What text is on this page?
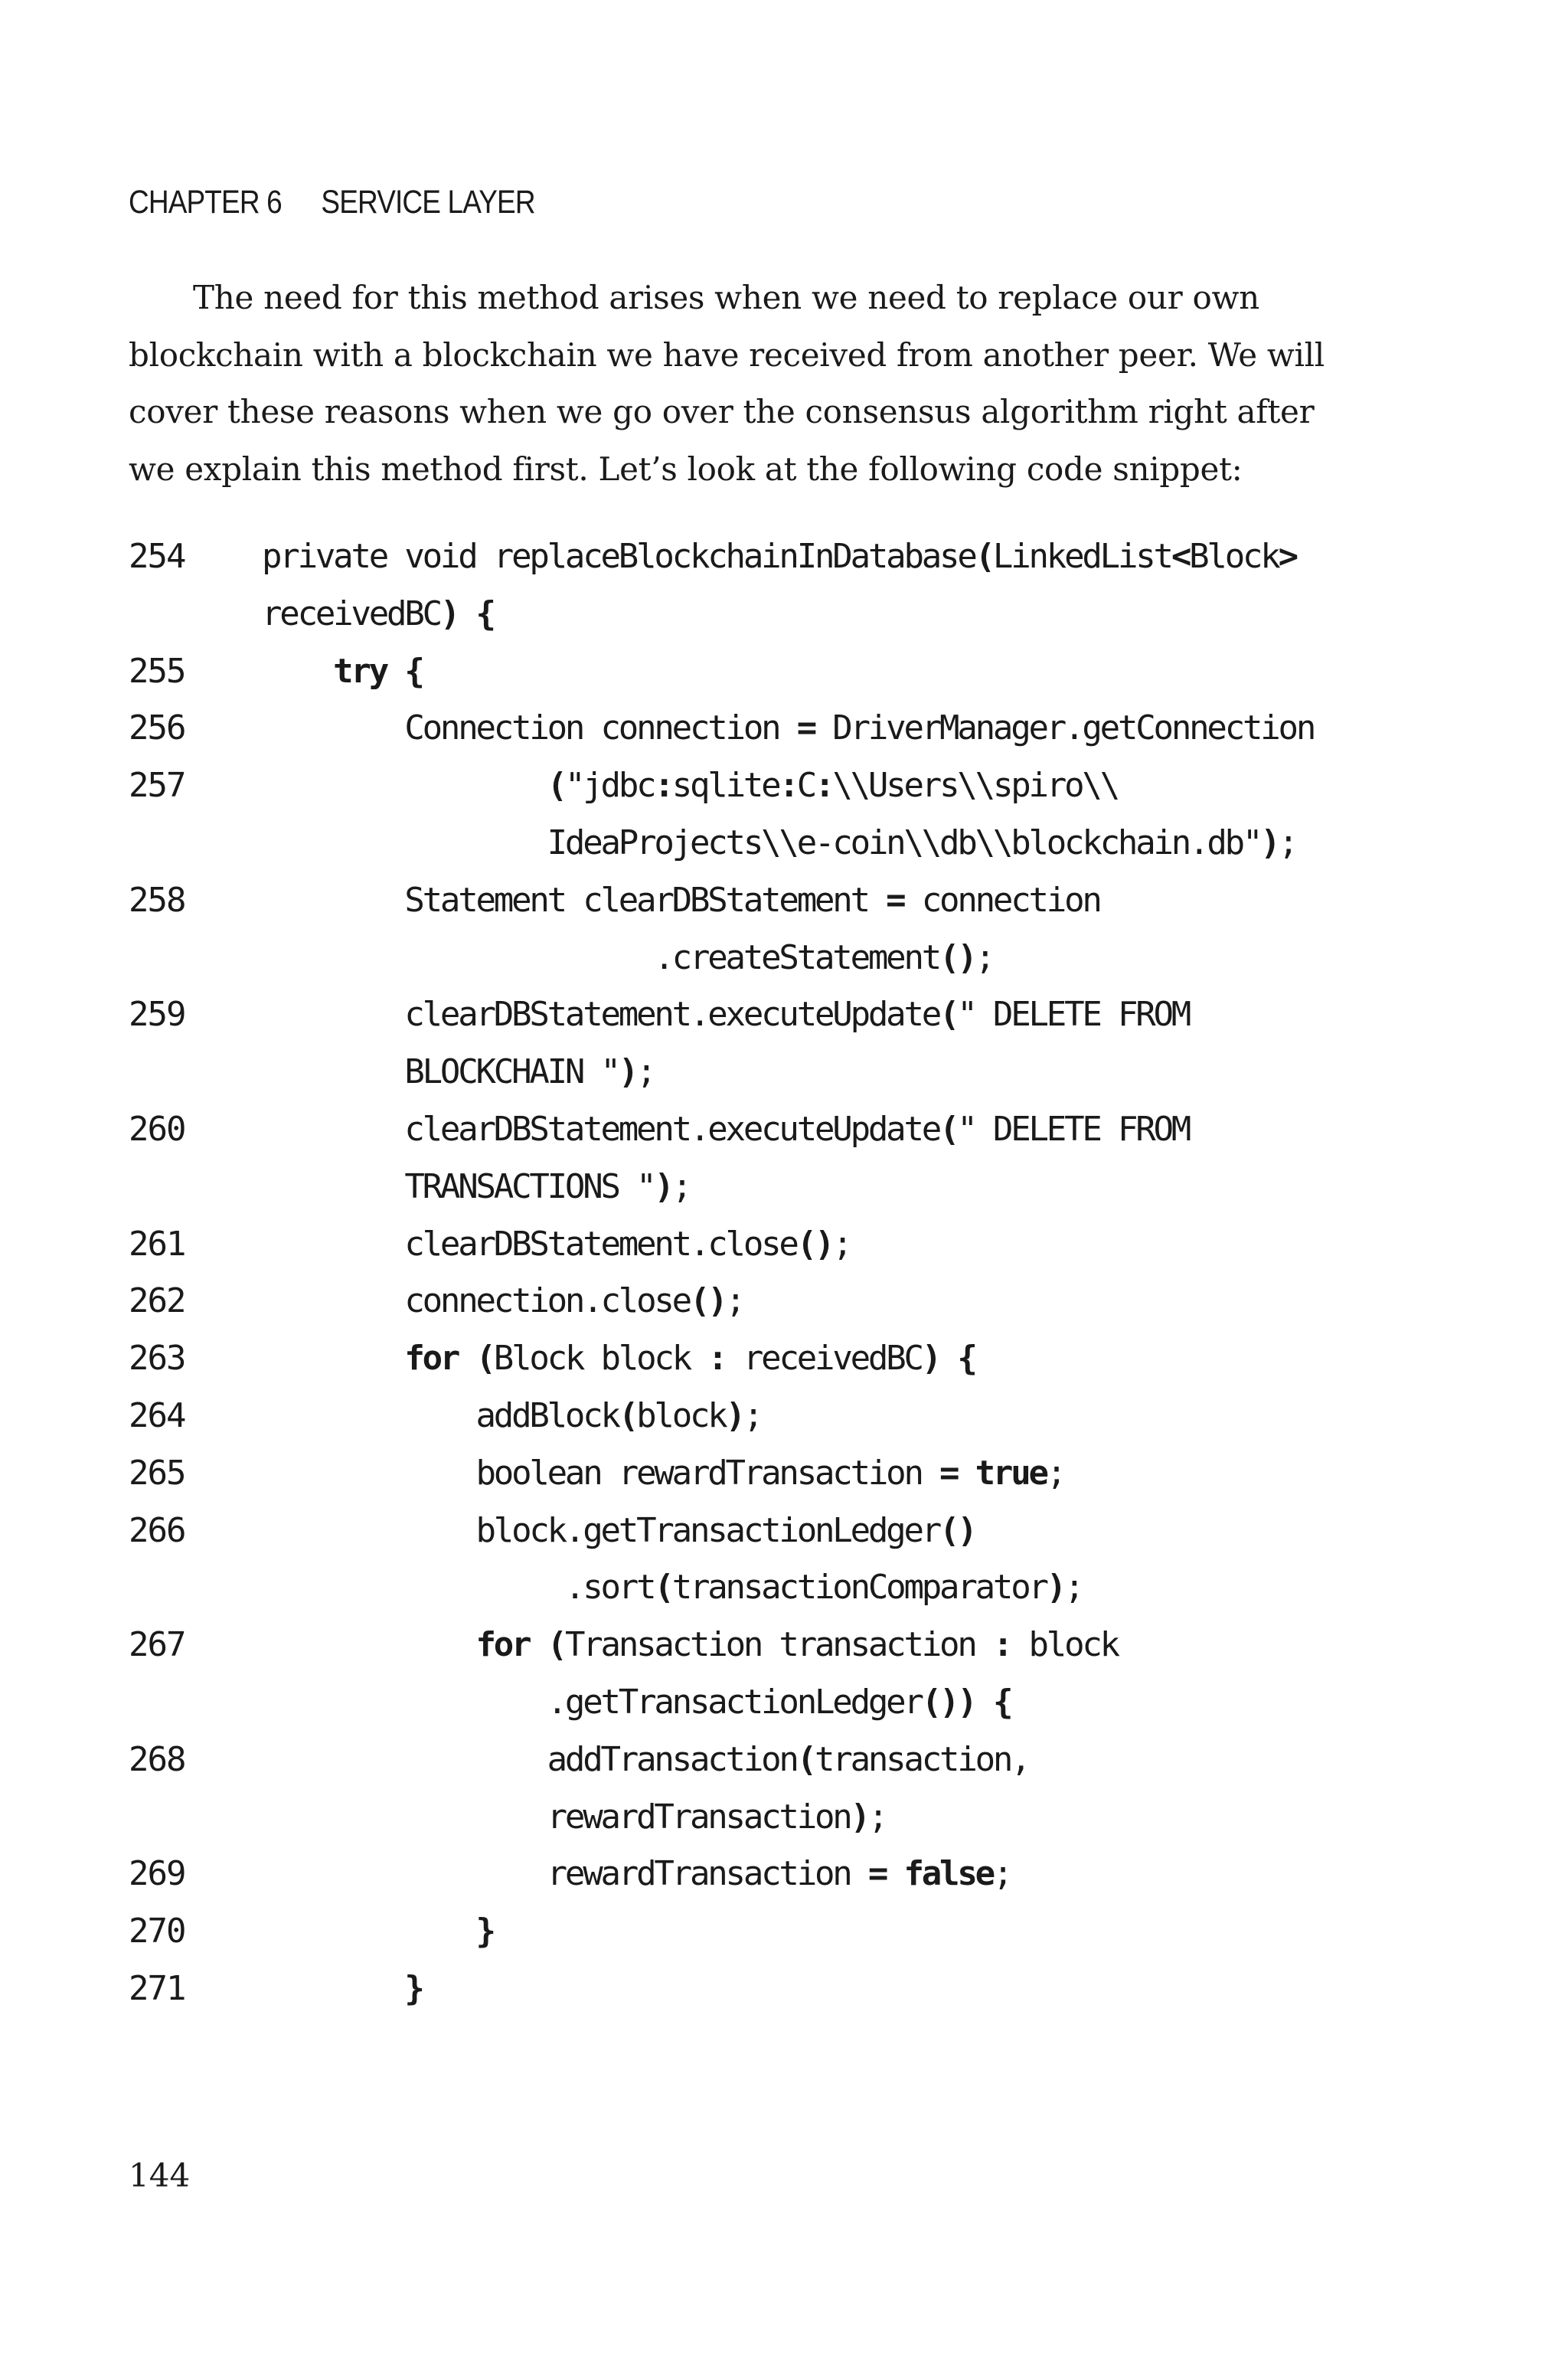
CHAPTER 6 SERVICE LAYER
The need for this method arises when we need to replace our own
blockchain with a blockchain we have received from another peer. We will
cover these reasons when we go over the consensus algorithm right after
we explain this method first. Let’s look at the following code snippet:
254	private void replaceBlockchainInDatabase(LinkedList<Block>
receivedBC) {
255	try {
256	Connection connection = DriverManager.getConnection
257	("jdbc:sqlite:C:\\Users\\spiro\\
IdeaProjects\\e-coin\\db\\blockchain.db");
258	Statement clearDBStatement = connection
.createStatement();
259	clearDBStatement.executeUpdate(" DELETE FROM
BLOCKCHAIN ");
260	clearDBStatement.executeUpdate(" DELETE FROM
TRANSACTIONS ");
261	clearDBStatement.close();
262	connection.close();
263	for (Block block : receivedBC) {
264	addBlock(block);
265	boolean rewardTransaction = true;
266	block.getTransactionLedger()
.sort(transactionComparator);
267	for (Transaction transaction : block
.getTransactionLedger()) {
268	addTransaction(transaction,
rewardTransaction);
269	rewardTransaction = false;
270	}
271	}
144
